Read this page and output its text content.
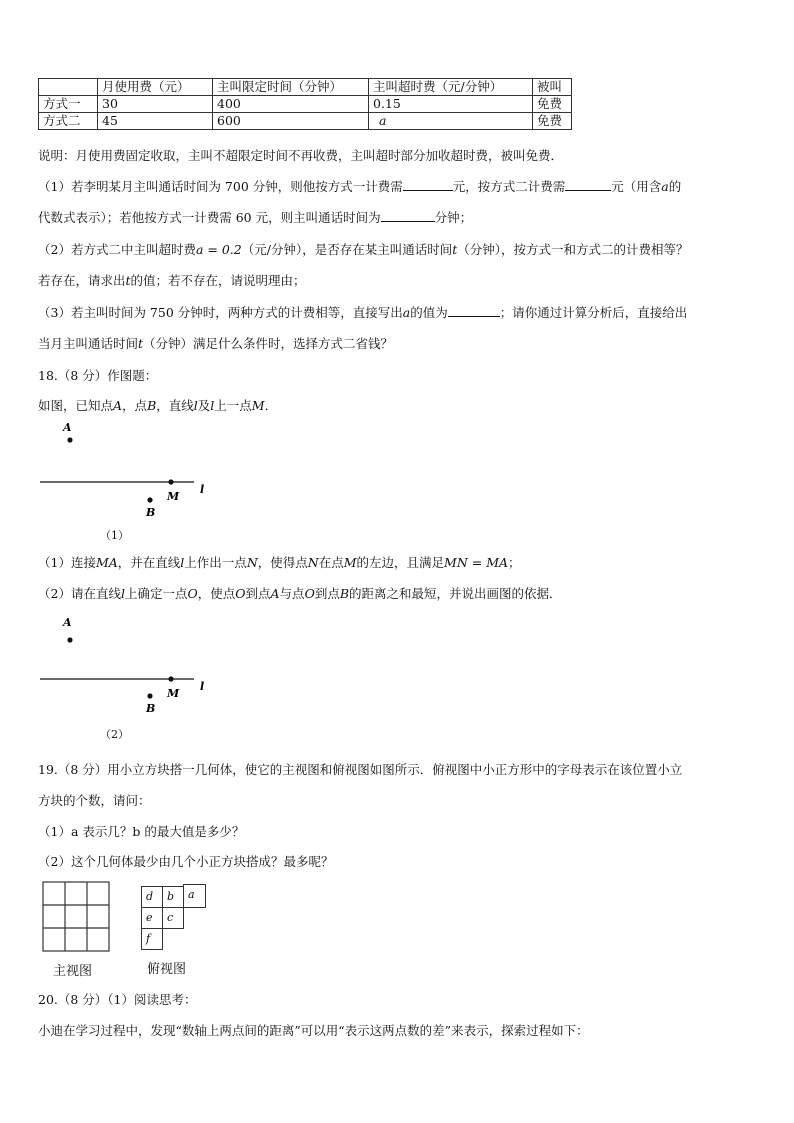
	月使用费（元）	主叫限定时间（分钟）	主叫超时费（元/分钟）	被叫
方式一	30	400	0.15	免费
方式二	45	600	a	免费
说明：月使用费固定收取，主叫不超限定时间不再收费，主叫超时部分加收超时费，被叫免费．
（1）若李明某月主叫通话时间为 700 分钟，则他按方式一计费需	元，按方式二计费需	元（用含a的
代数式表示）；若他按方式一计费需 60 元，则主叫通话时间为	分钟；
（2）若方式二中主叫超时费a = 0.2（元/分钟），是否存在某主叫通话时间t（分钟），按方式一和方式二的计费相等？
若存在，请求出t的值；若不存在，请说明理由；
（3）若主叫时间为 750 分钟时，两种方式的计费相等，直接写出a的值为	；请你通过计算分析后，直接给出
当月主叫通话时间t（分钟）满足什么条件时，选择方式二省钱？
18.（8 分）作图题：
如图，已知点A，点B，直线l及l上一点M．
A
M
l
B
A
M
l
B
（1）
（2）
（1）连接MA，并在直线l上作出一点N，使得点N在点M的左边，且满足MN = MA；
（2）请在直线l上确定一点O，使点O到点A与点O到点B的距离之和最短，并说出画图的依据．
19.（8 分）用小立方块搭一几何体，使它的主视图和俯视图如图所示．俯视图中小正方形中的字母表示在该位置小立
方块的个数，请问：
（1）a 表示几？b 的最大值是多少？
（2）这个几何体最少由几个小正方块搭成？最多呢？
主视图
d	b	a
e	c
f
俯视图
20.（8 分）（1）阅读思考：
小迪在学习过程中，发现“数轴上两点间的距离”可以用“表示这两点数的差”来表示，探索过程如下：
